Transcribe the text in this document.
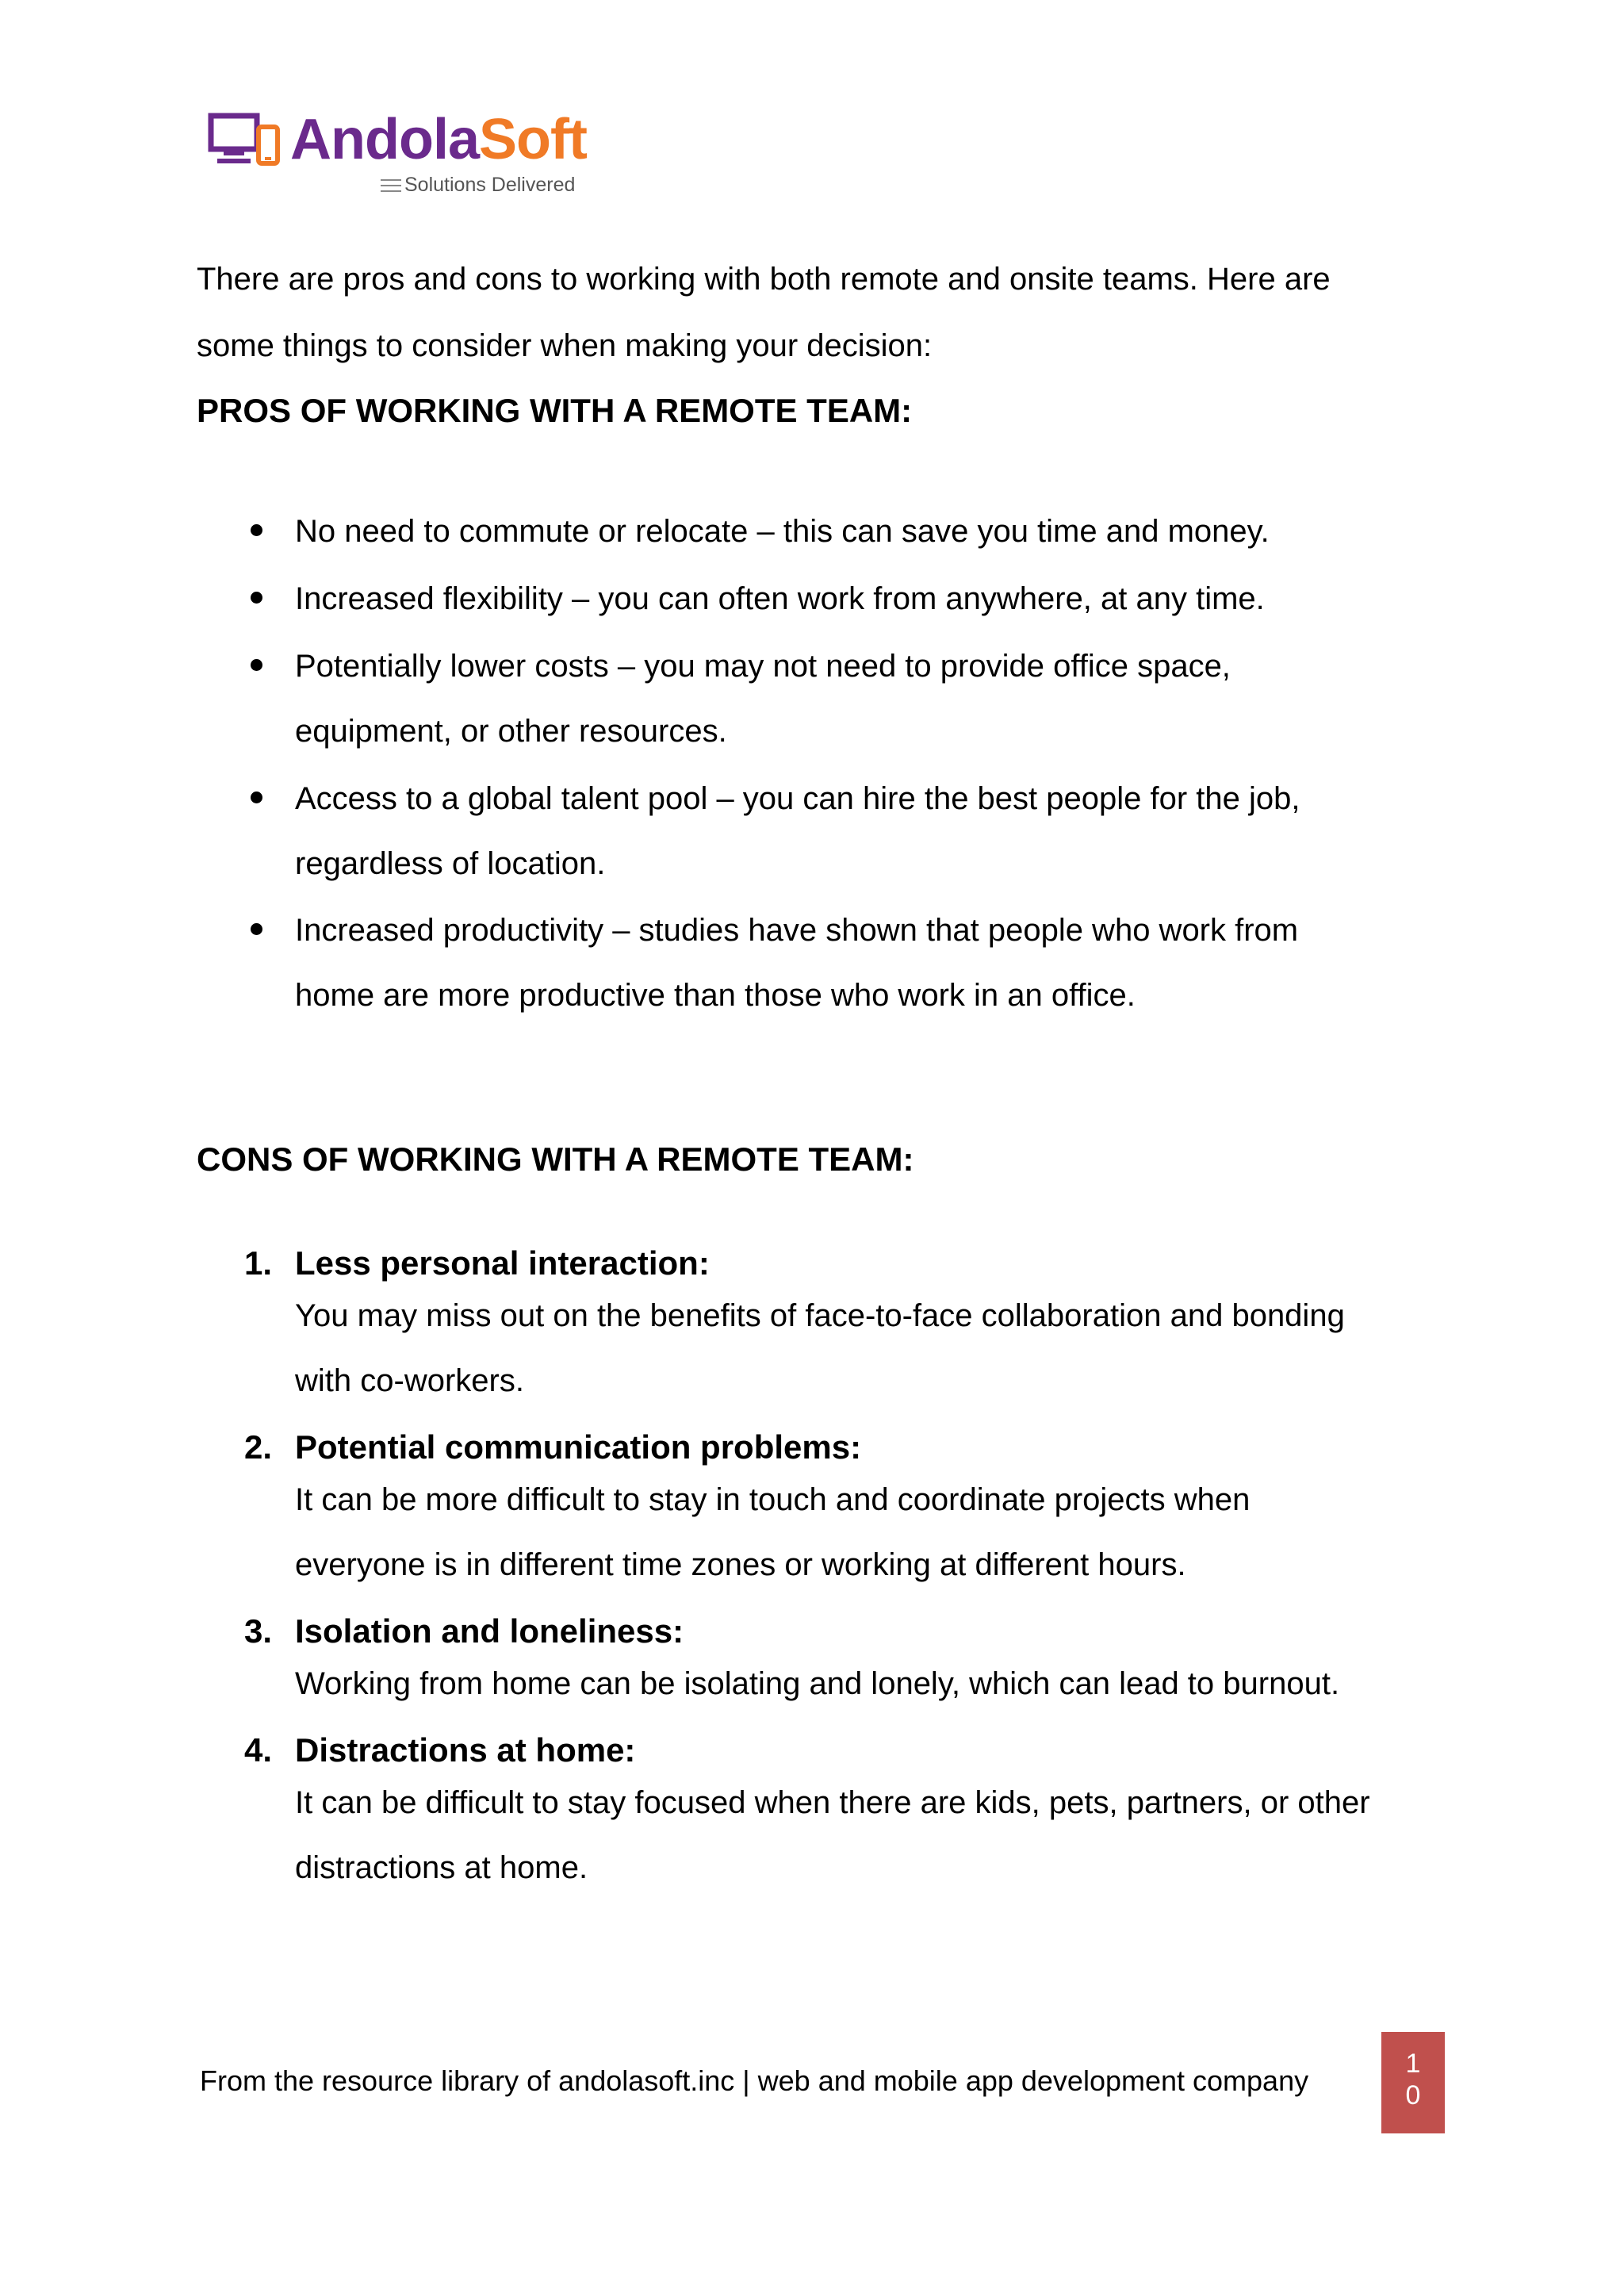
AndolaSoft
Solutions Delivered
There are pros and cons to working with both remote and onsite teams. Here are
some things to consider when making your decision:
PROS OF WORKING WITH A REMOTE TEAM:
No need to commute or relocate – this can save you time and money.
Increased flexibility – you can often work from anywhere, at any time.
Potentially lower costs – you may not need to provide office space,
equipment, or other resources.
Access to a global talent pool – you can hire the best people for the job,
regardless of location.
Increased productivity – studies have shown that people who work from
home are more productive than those who work in an office.
CONS OF WORKING WITH A REMOTE TEAM:
1. Less personal interaction:
You may miss out on the benefits of face-to-face collaboration and bonding
with co-workers.
2. Potential communication problems:
It can be more difficult to stay in touch and coordinate projects when
everyone is in different time zones or working at different hours.
3. Isolation and loneliness:
Working from home can be isolating and lonely, which can lead to burnout.
4. Distractions at home:
It can be difficult to stay focused when there are kids, pets, partners, or other
distractions at home.
From the resource library of andolasoft.inc | web and mobile app development company
1
0
